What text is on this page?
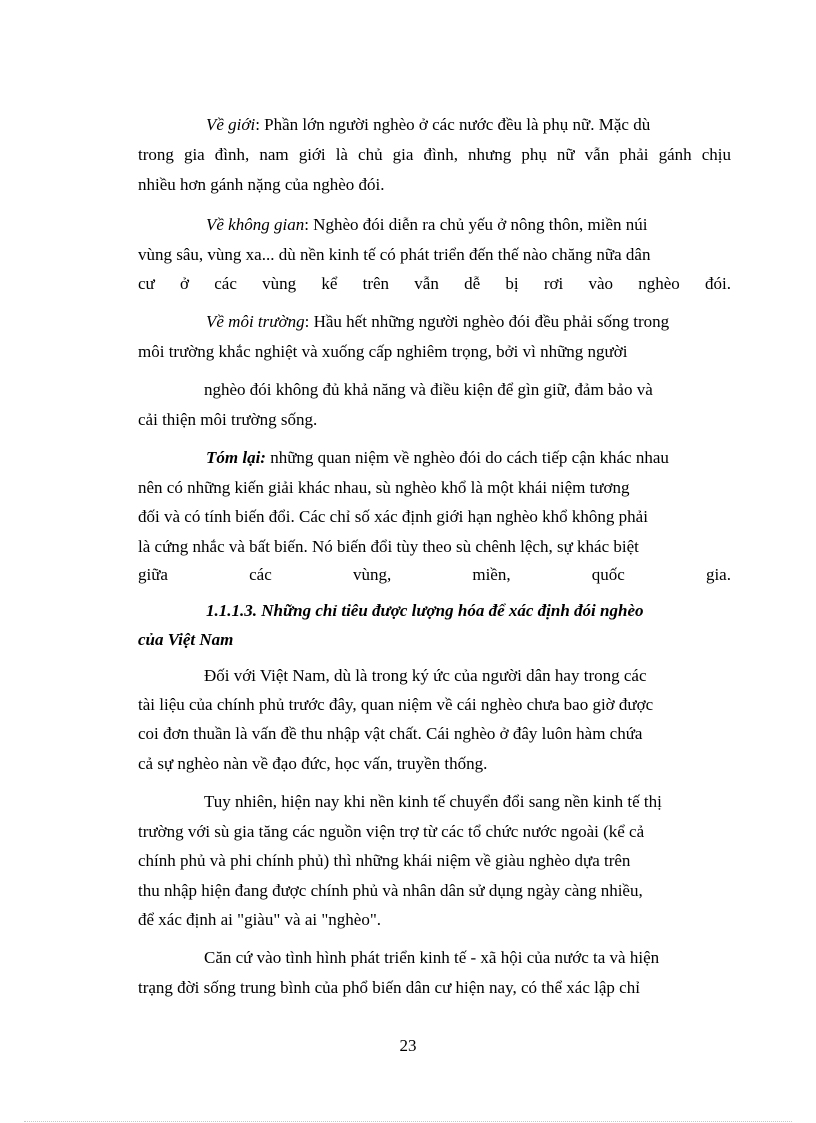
Về giới: Phần lớn người nghèo ở các nước đều là phụ nữ. Mặc dù
trong gia đình, nam giới là chủ gia đình, nhưng phụ nữ vẫn phải gánh chịu
nhiều hơn gánh nặng của nghèo đói.
Về không gian: Nghèo đói diễn ra chủ yếu ở nông thôn, miền núi
vùng sâu, vùng xa... dù nền kinh tế có phát triển đến thế nào chăng nữa dân
cư ở các vùng kể trên vẫn dễ bị rơi vào nghèo đói.
Về môi trường: Hầu hết những người nghèo đói đều phải sống trong
môi trường khắc nghiệt và xuống cấp nghiêm trọng, bởi vì những người
nghèo đói không đủ khả năng và điều kiện để gìn giữ, đảm bảo và
cải thiện môi trường sống.
Tóm lại: những quan niệm về nghèo đói do cách tiếp cận khác nhau
nên có những kiến giải khác nhau, sù nghèo khổ là một khái niệm tương
đối và có tính biến đổi. Các chỉ số xác định giới hạn nghèo khổ không phải
là cứng nhắc và bất biến. Nó biến đổi tùy theo sù chênh lệch, sự khác biệt
giữa	các	vùng,	miền,	quốc	gia.
1.1.1.3. Những chỉ tiêu được lượng hóa để xác định đói nghèo
của Việt Nam
Đối với Việt Nam, dù là trong ký ức của người dân hay trong các
tài liệu của chính phủ trước đây, quan niệm về cái nghèo chưa bao giờ được
coi đơn thuần là vấn đề thu nhập vật chất. Cái nghèo ở đây luôn hàm chứa
cả sự nghèo nàn về đạo đức, học vấn, truyền thống.
Tuy nhiên, hiện nay khi nền kinh tế chuyển đổi sang nền kinh tế thị
trường với sù gia tăng các nguồn viện trợ từ các tổ chức nước ngoài (kể cả
chính phủ và phi chính phủ) thì những khái niệm về giàu nghèo dựa trên
thu nhập hiện đang được chính phủ và nhân dân sử dụng ngày càng nhiều,
để xác định ai "giàu" và ai "nghèo".
Căn cứ vào tình hình phát triển kinh tế - xã hội của nước ta và hiện
trạng đời sống trung bình của phổ biến dân cư hiện nay, có thể xác lập chỉ
23
